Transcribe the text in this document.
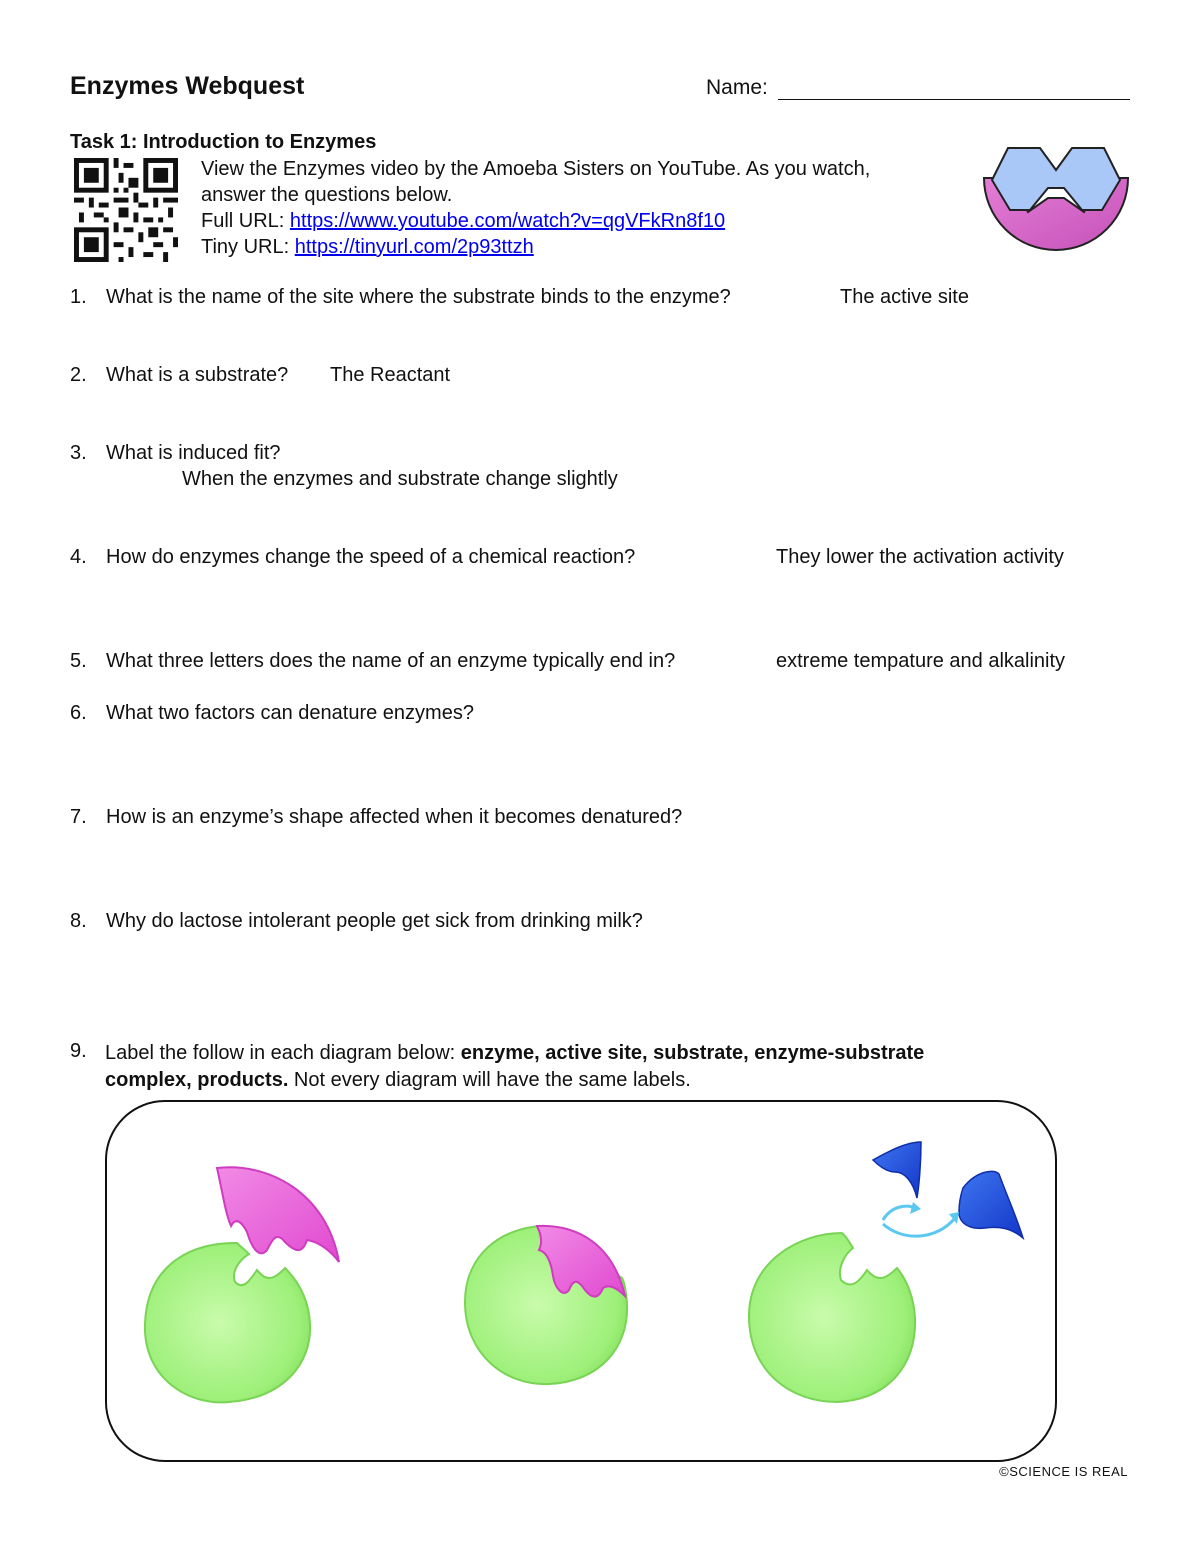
Enzymes Webquest	Name:
Task 1: Introduction to Enzymes
View the Enzymes video by the Amoeba Sisters on YouTube. As you watch,
answer the questions below.
Full URL: https://www.youtube.com/watch?v=qgVFkRn8f10
Tiny URL: https://tinyurl.com/2p93ttzh
1. What is the name of the site where the substrate binds to the enzyme?	The active site
2. What is a substrate? The Reactant
3. What is induced fit?
When the enzymes and substrate change slightly
4. How do enzymes change the speed of a chemical reaction?	They lower the activation activity
5. What three letters does the name of an enzyme typically end in?	extreme tempature and alkalinity
6. What two factors can denature enzymes?
7. How is an enzyme’s shape affected when it becomes denatured?
8. Why do lactose intolerant people get sick from drinking milk?
9. Label the follow in each diagram below: enzyme, active site, substrate, enzyme-substrate
complex, products. Not every diagram will have the same labels.
©SCIENCE IS REAL
